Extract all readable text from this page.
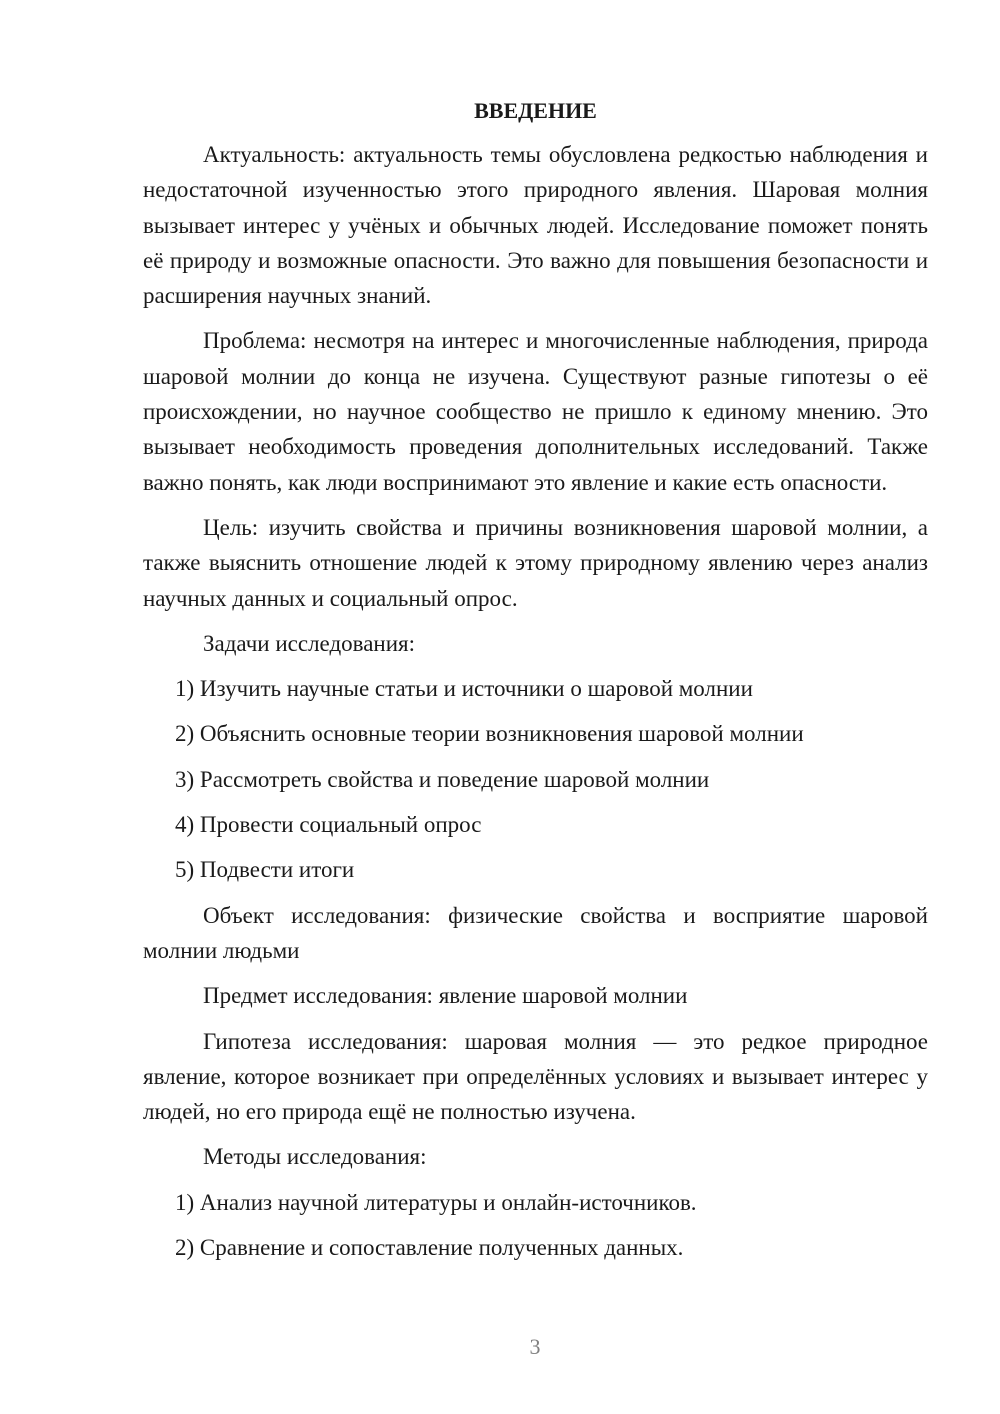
ВВЕДЕНИЕ

Актуальность: актуальность темы обусловлена редкостью наблюдения и недостаточной изученностью этого природного явления. Шаровая молния вызывает интерес у учёных и обычных людей. Исследование поможет понять её природу и возможные опасности. Это важно для повышения безопасности и расширения научных знаний.

Проблема: несмотря на интерес и многочисленные наблюдения, природа шаровой молнии до конца не изучена. Существуют разные гипотезы о её происхождении, но научное сообщество не пришло к единому мнению. Это вызывает необходимость проведения дополнительных исследований. Также важно понять, как люди воспринимают это явление и какие есть опасности.

Цель: изучить свойства и причины возникновения шаровой молнии, а также выяснить отношение людей к этому природному явлению через анализ научных данных и социальный опрос.

Задачи исследования:

1) Изучить научные статьи и источники о шаровой молнии

2) Объяснить основные теории возникновения шаровой молнии

3) Рассмотреть свойства и поведение шаровой молнии

4) Провести социальный опрос

5) Подвести итоги

Объект исследования: физические свойства и восприятие шаровой молнии людьми

Предмет исследования: явление шаровой молнии

Гипотеза исследования: шаровая молния — это редкое природное явление, которое возникает при определённых условиях и вызывает интерес у людей, но его природа ещё не полностью изучена.

Методы исследования:

1) Анализ научной литературы и онлайн-источников.

2) Сравнение и сопоставление полученных данных.

3
